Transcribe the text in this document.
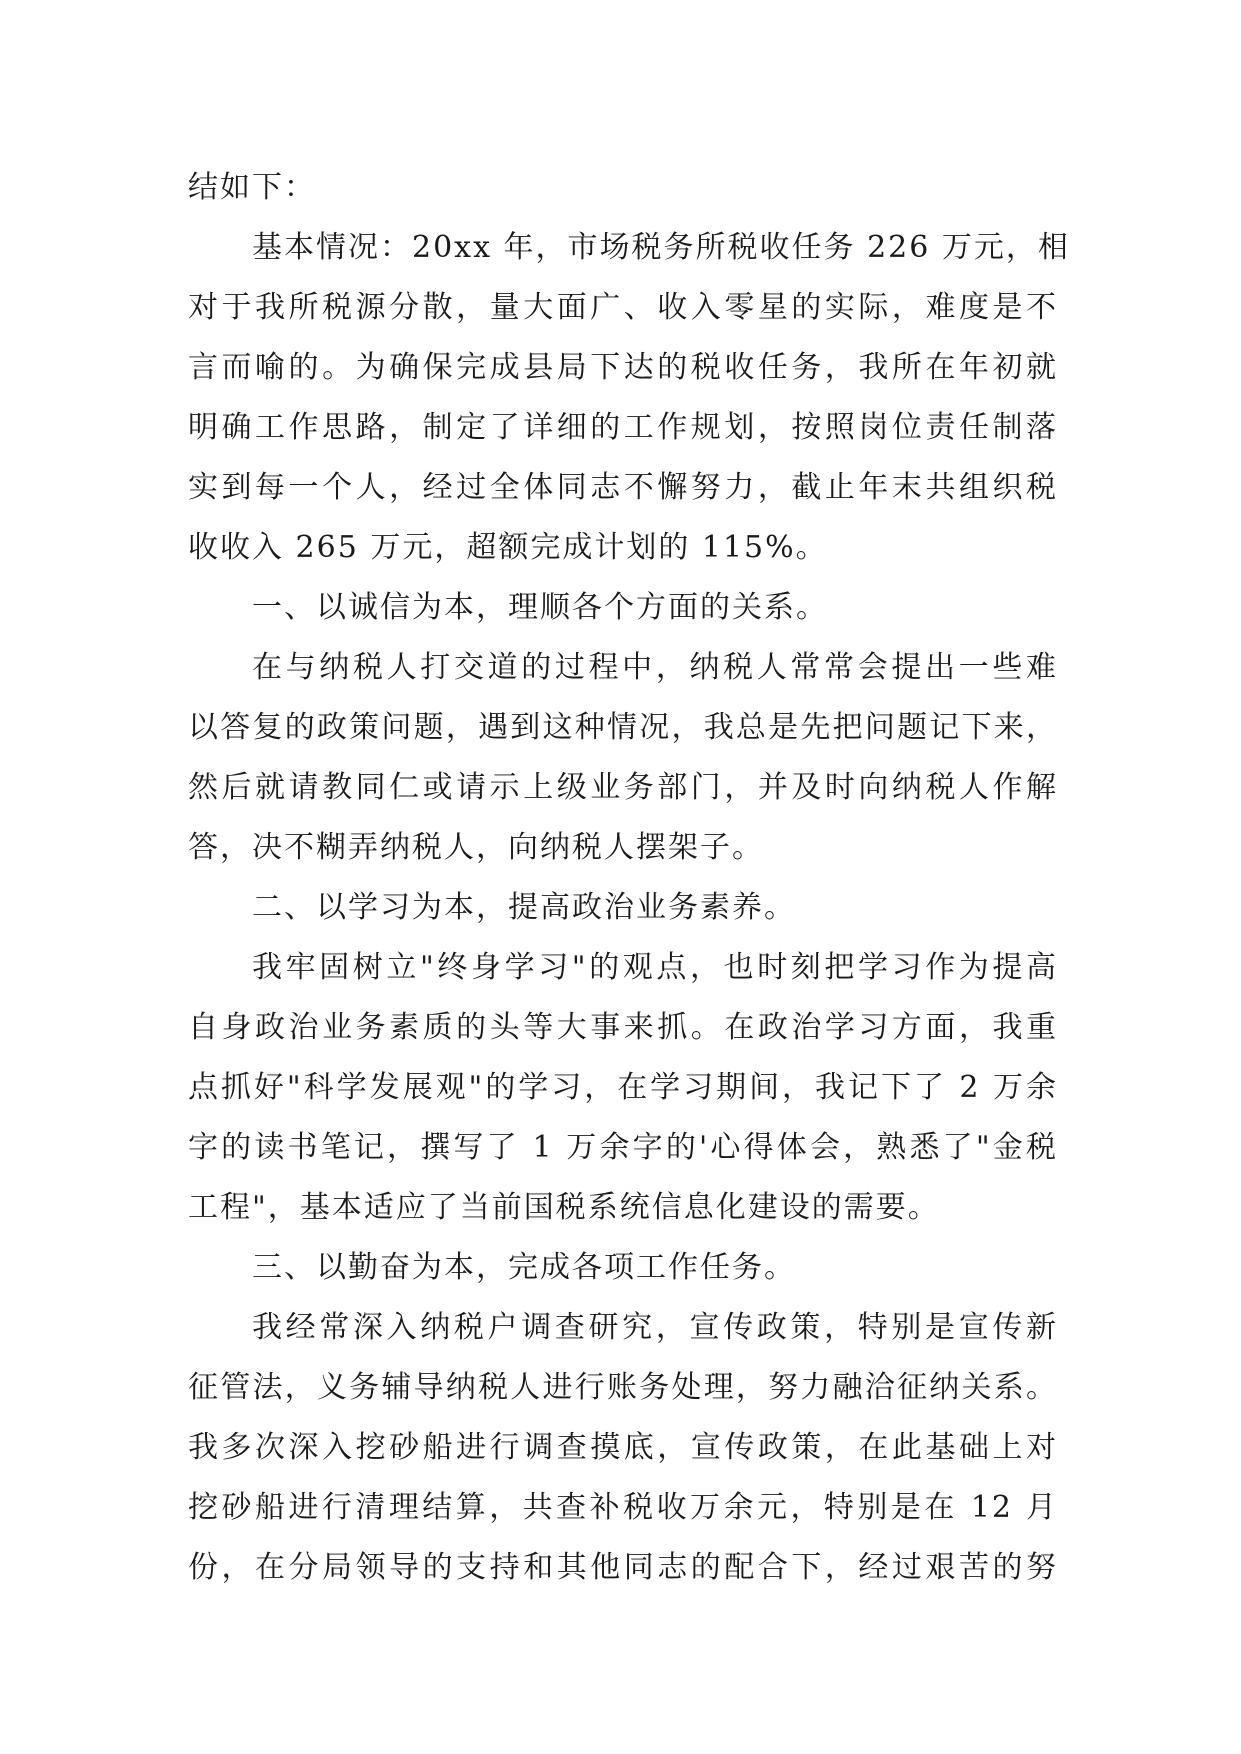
结如下：
基本情况：20xx 年，市场税务所税收任务 226 万元，相
对于我所税源分散，量大面广、收入零星的实际，难度是不
言而喻的。为确保完成县局下达的税收任务，我所在年初就
明确工作思路，制定了详细的工作规划，按照岗位责任制落
实到每一个人，经过全体同志不懈努力，截止年末共组织税
收收入 265 万元，超额完成计划的 115%。
一、以诚信为本，理顺各个方面的关系。
在与纳税人打交道的过程中，纳税人常常会提出一些难
以答复的政策问题，遇到这种情况，我总是先把问题记下来，
然后就请教同仁或请示上级业务部门，并及时向纳税人作解
答，决不糊弄纳税人，向纳税人摆架子。
二、以学习为本，提高政治业务素养。
我牢固树立"终身学习"的观点，也时刻把学习作为提高
自身政治业务素质的头等大事来抓。在政治学习方面，我重
点抓好"科学发展观"的学习，在学习期间，我记下了 2 万余
字的读书笔记，撰写了 1 万余字的'心得体会，熟悉了"金税
工程"，基本适应了当前国税系统信息化建设的需要。
三、以勤奋为本，完成各项工作任务。
我经常深入纳税户调查研究，宣传政策，特别是宣传新
征管法，义务辅导纳税人进行账务处理，努力融洽征纳关系。
我多次深入挖砂船进行调查摸底，宣传政策，在此基础上对
挖砂船进行清理结算，共查补税收万余元，特别是在 12 月
份，在分局领导的支持和其他同志的配合下，经过艰苦的努
